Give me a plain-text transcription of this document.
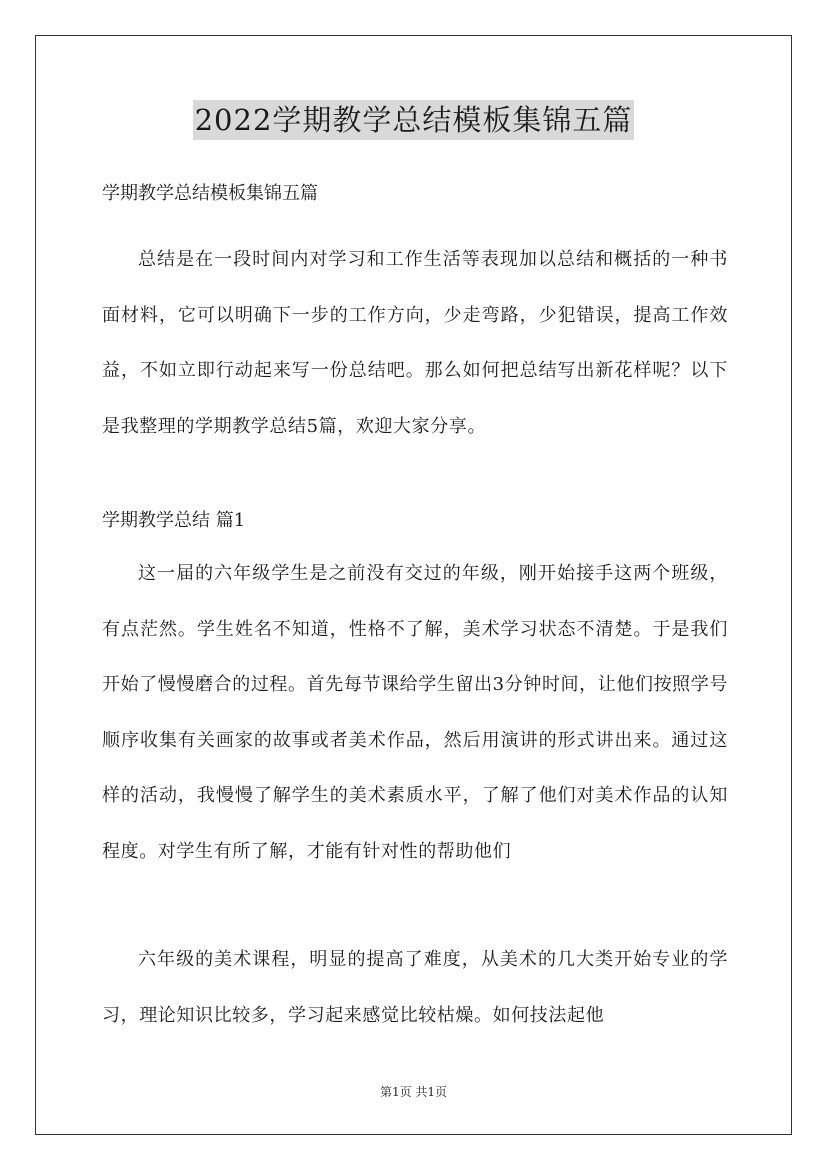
2022学期教学总结模板集锦五篇

学期教学总结模板集锦五篇

总结是在一段时间内对学习和工作生活等表现加以总结和概括的一种书面材料，它可以明确下一步的工作方向，少走弯路，少犯错误，提高工作效益，不如立即行动起来写一份总结吧。那么如何把总结写出新花样呢？以下是我整理的学期教学总结5篇，欢迎大家分享。

学期教学总结 篇1

这一届的六年级学生是之前没有交过的年级，刚开始接手这两个班级，有点茫然。学生姓名不知道，性格不了解，美术学习状态不清楚。于是我们开始了慢慢磨合的过程。首先每节课给学生留出3分钟时间，让他们按照学号顺序收集有关画家的故事或者美术作品，然后用演讲的形式讲出来。通过这样的活动，我慢慢了解学生的美术素质水平，了解了他们对美术作品的认知程度。对学生有所了解，才能有针对性的帮助他们

六年级的美术课程，明显的提高了难度，从美术的几大类开始专业的学习，理论知识比较多，学习起来感觉比较枯燥。如何技法起他

第1页 共1页
